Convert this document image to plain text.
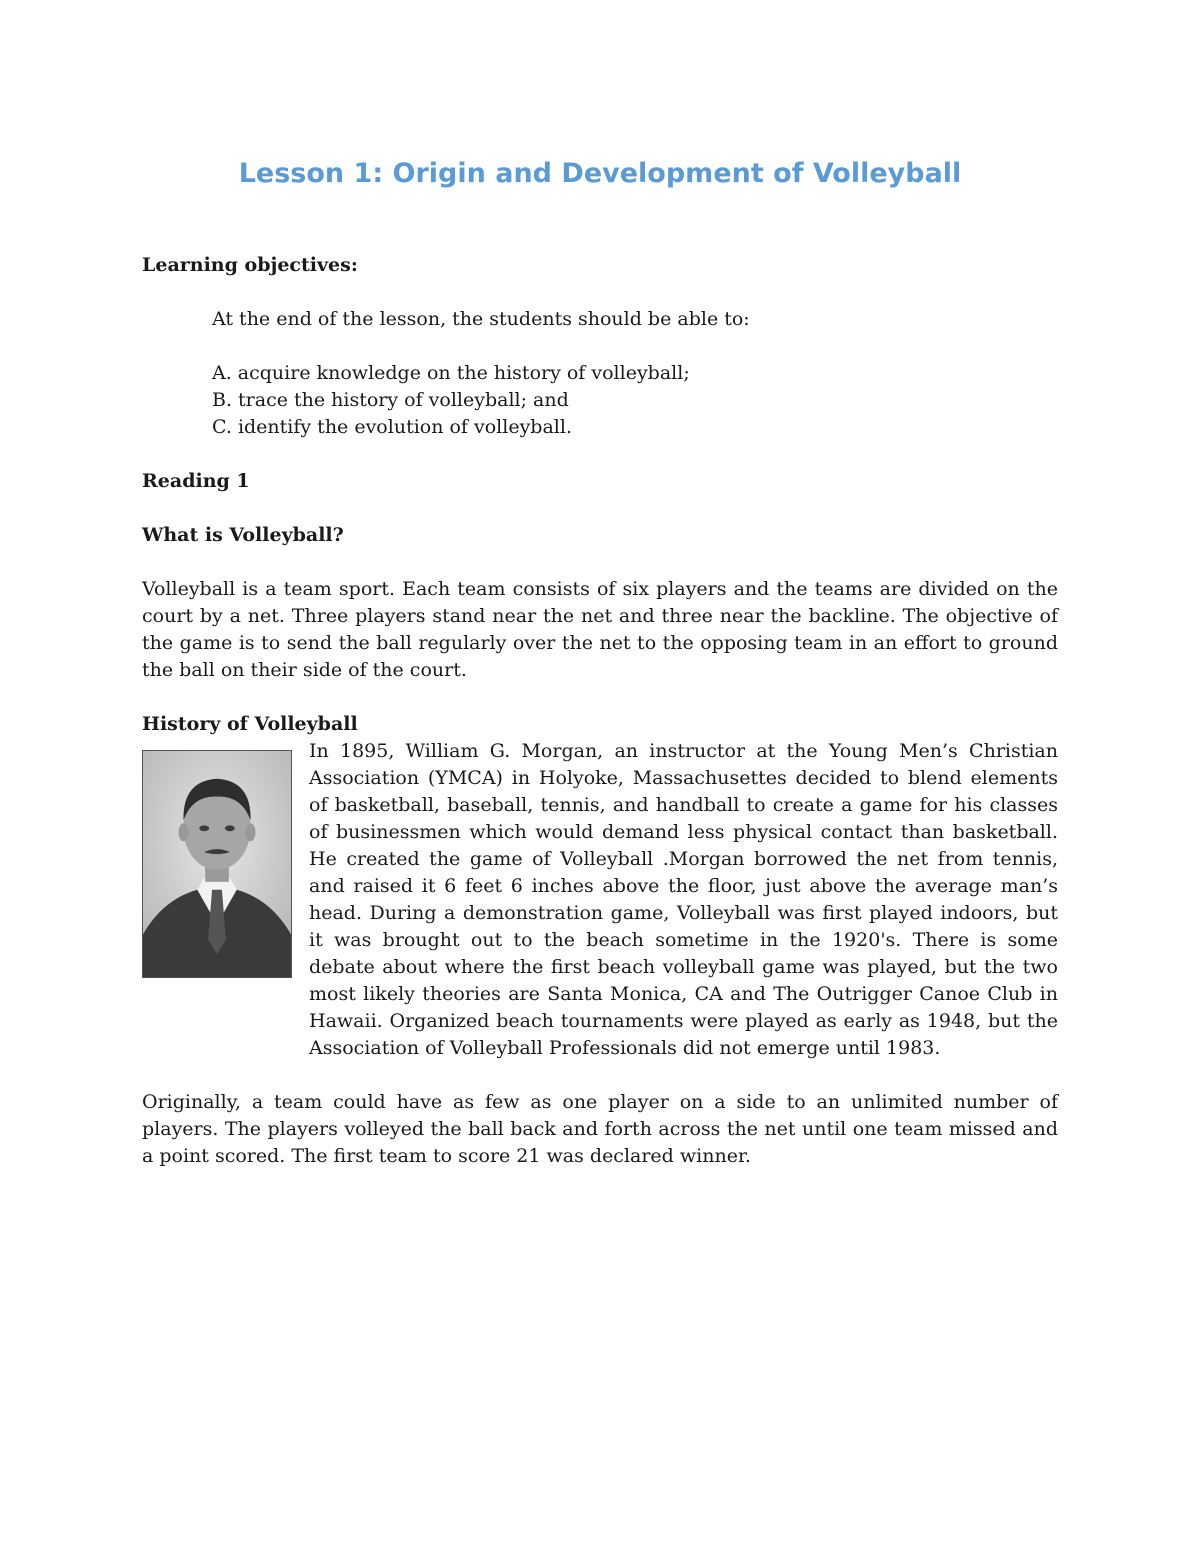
Lesson 1: Origin and Development of Volleyball
Learning objectives:

At the end of the lesson, the students should be able to:

A. acquire knowledge on the history of volleyball;
B. trace the history of volleyball; and
C. identify the evolution of volleyball.
Reading 1
What is Volleyball?

Volleyball is a team sport. Each team consists of six players and the teams are divided on the court by a net. Three players stand near the net and three near the backline. The objective of the game is to send the ball regularly over the net to the opposing team in an effort to ground the ball on their side of the court.

History of Volleyball

In 1895, William G. Morgan, an instructor at the Young Men’s Christian Association (YMCA) in Holyoke, Massachusettes decided to blend elements of basketball, baseball, tennis, and handball to create a game for his classes of businessmen which would demand less physical contact than basketball. He created the game of Volleyball .Morgan borrowed the net from tennis, and raised it 6 feet 6 inches above the floor, just above the average man’s head. During a demonstration game, Volleyball was first played indoors, but it was brought out to the beach sometime in the 1920's. There is some debate about where the first beach volleyball game was played, but the two most likely theories are Santa Monica, CA and The Outrigger Canoe Club in Hawaii. Organized beach tournaments were played as early as 1948, but the Association of Volleyball Professionals did not emerge until 1983.

Originally, a team could have as few as one player on a side to an unlimited number of players. The players volleyed the ball back and forth across the net until one team missed and a point scored. The first team to score 21 was declared winner.
